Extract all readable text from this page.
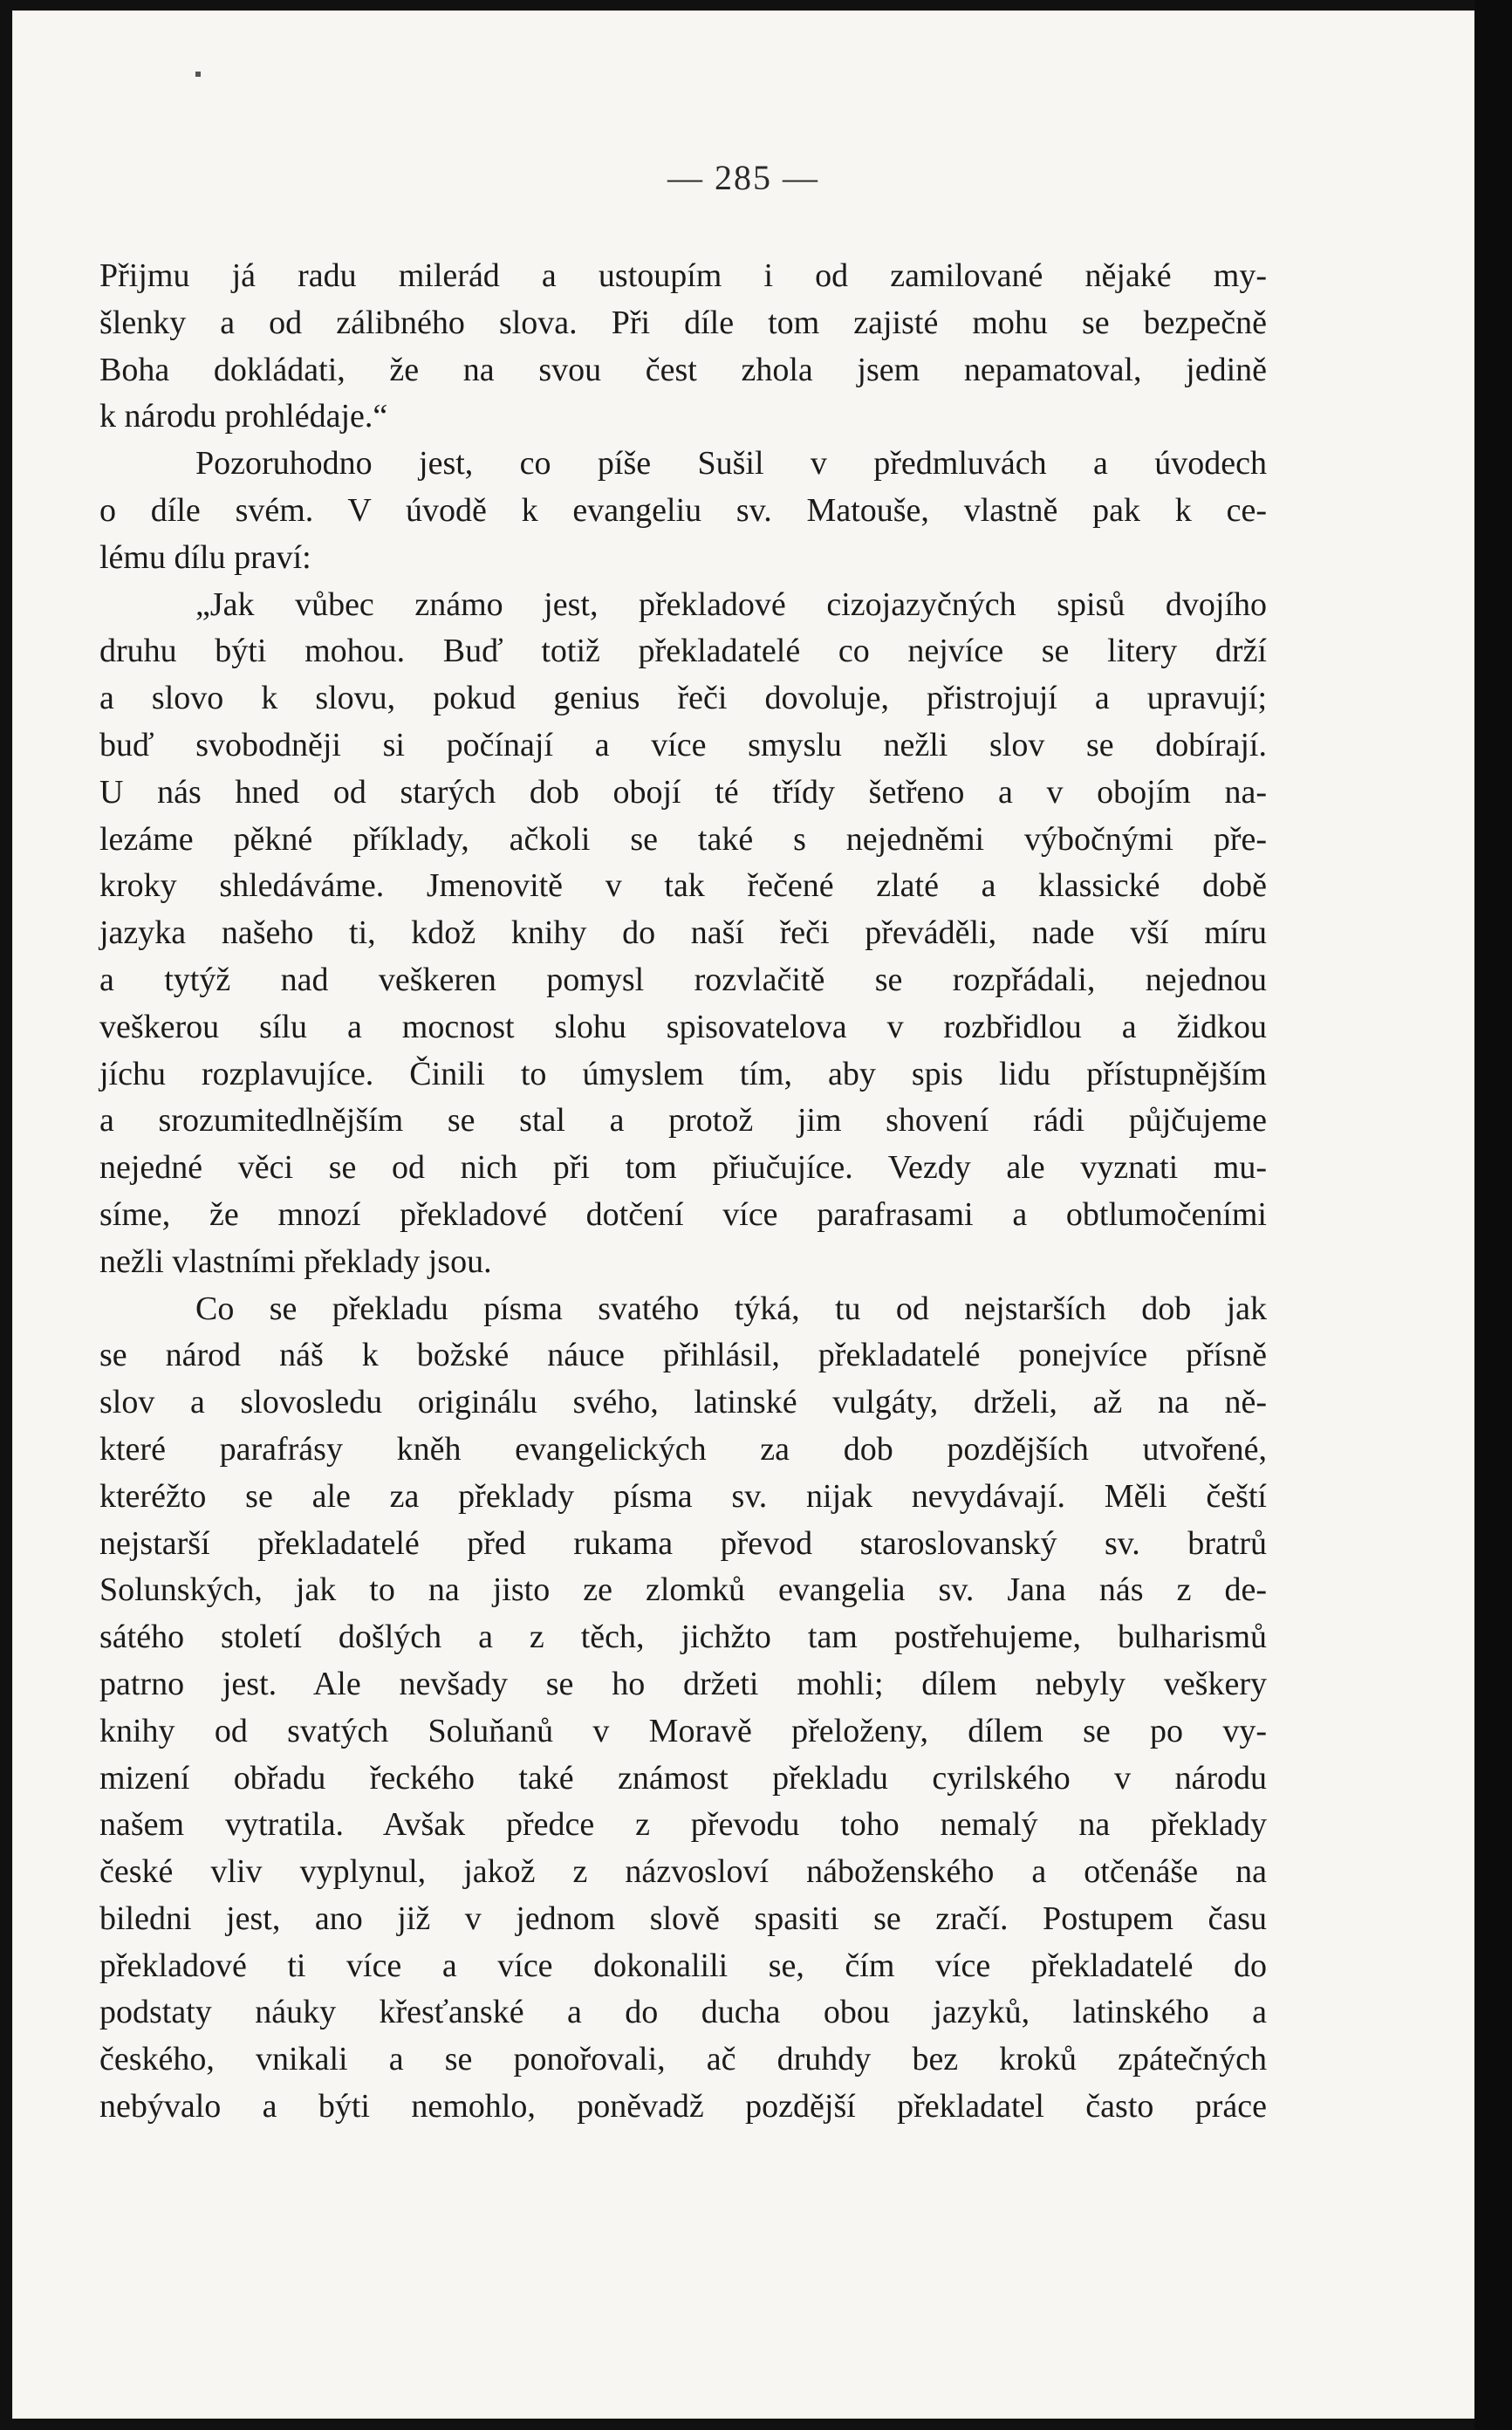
— 285 —
Přijmu já radu milerád a ustoupím i od zamilované nějaké my-
šlenky a od zálibného slova. Při díle tom zajisté mohu se bezpečně
Boha dokládati, že na svou čest zhola jsem nepamatoval, jedině
k národu prohlédaje.“
Pozoruhodno jest, co píše Sušil v předmluvách a úvodech
o díle svém. V úvodě k evangeliu sv. Matouše, vlastně pak k ce-
lému dílu praví:
„Jak vůbec známo jest, překladové cizojazyčných spisů dvojího
druhu býti mohou. Buď totiž překladatelé co nejvíce se litery drží
a slovo k slovu, pokud genius řeči dovoluje, přistrojují a upravují;
buď svobodněji si počínají a více smyslu nežli slov se dobírají.
U nás hned od starých dob obojí té třídy šetřeno a v obojím na-
lezáme pěkné příklady, ačkoli se také s nejedněmi výbočnými pře-
kroky shledáváme. Jmenovitě v tak řečené zlaté a klassické době
jazyka našeho ti, kdož knihy do naší řeči převáděli, nade vší míru
a tytýž nad veškeren pomysl rozvlačitě se rozpřádali, nejednou
veškerou sílu a mocnost slohu spisovatelova v rozbřidlou a židkou
jíchu rozplavujíce. Činili to úmyslem tím, aby spis lidu přístupnějším
a srozumitedlnějším se stal a protož jim shovení rádi půjčujeme
nejedné věci se od nich při tom přiučujíce. Vezdy ale vyznati mu-
síme, že mnozí překladové dotčení více parafrasami a obtlumočeními
nežli vlastními překlady jsou.
Co se překladu písma svatého týká, tu od nejstarších dob jak
se národ náš k božské náuce přihlásil, překladatelé ponejvíce přísně
slov a slovosledu originálu svého, latinské vulgáty, drželi, až na ně-
které parafrásy kněh evangelických za dob pozdějších utvořené,
kteréžto se ale za překlady písma sv. nijak nevydávají. Měli čeští
nejstarší překladatelé před rukama převod staroslovanský sv. bratrů
Solunských, jak to na jisto ze zlomků evangelia sv. Jana nás z de-
sátého století došlých a z těch, jichžto tam postřehujeme, bulharismů
patrno jest. Ale nevšady se ho držeti mohli; dílem nebyly veškery
knihy od svatých Soluňanů v Moravě přeloženy, dílem se po vy-
mizení obřadu řeckého také známost překladu cyrilského v národu
našem vytratila. Avšak předce z převodu toho nemalý na překlady
české vliv vyplynul, jakož z názvosloví náboženského a otčenáše na
biledni jest, ano již v jednom slově spasiti se zračí. Postupem času
překladové ti více a více dokonalili se, čím více překladatelé do
podstaty náuky křesťanské a do ducha obou jazyků, latinského a
českého, vnikali a se ponořovali, ač druhdy bez kroků zpátečných
nebývalo a býti nemohlo, poněvadž pozdější překladatel často práce
